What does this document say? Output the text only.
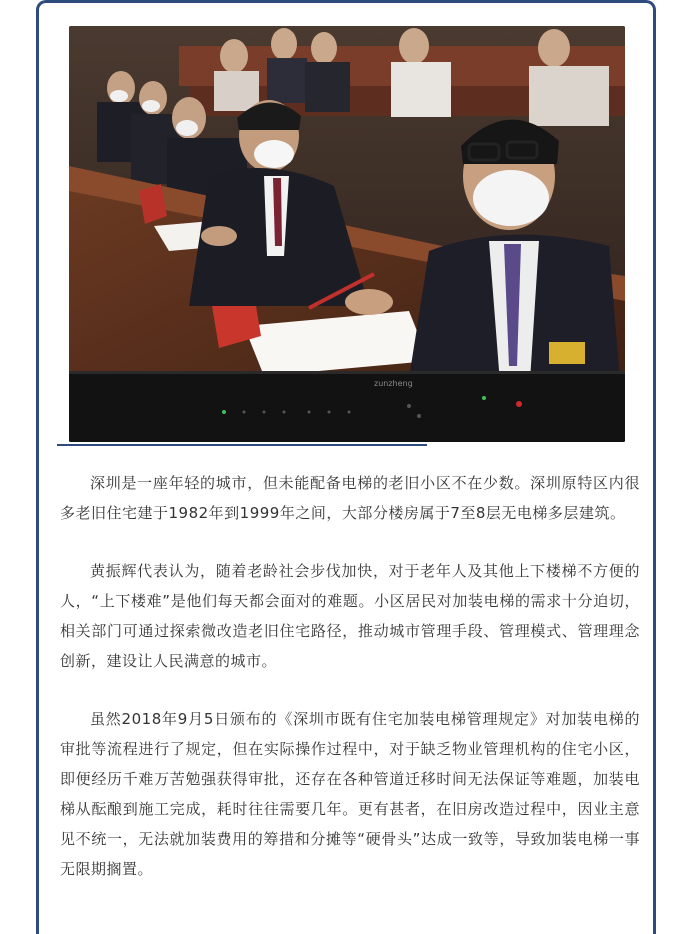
zunzheng

深圳是一座年轻的城市，但未能配备电梯的老旧小区不在少数。深圳原特区内很多老旧住宅建于1982年到1999年之间，大部分楼房属于7至8层无电梯多层建筑。

黄振辉代表认为，随着老龄社会步伐加快，对于老年人及其他上下楼梯不方便的人，“上下楼难”是他们每天都会面对的难题。小区居民对加装电梯的需求十分迫切，相关部门可通过探索微改造老旧住宅路径，推动城市管理手段、管理模式、管理理念创新，建设让人民满意的城市。

虽然2018年9月5日颁布的《深圳市既有住宅加装电梯管理规定》对加装电梯的审批等流程进行了规定，但在实际操作过程中，对于缺乏物业管理机构的住宅小区，即便经历千难万苦勉强获得审批，还存在各种管道迁移时间无法保证等难题，加装电梯从酝酿到施工完成，耗时往往需要几年。更有甚者，在旧房改造过程中，因业主意见不统一，无法就加装费用的筹措和分摊等“硬骨头”达成一致等，导致加装电梯一事无限期搁置。
